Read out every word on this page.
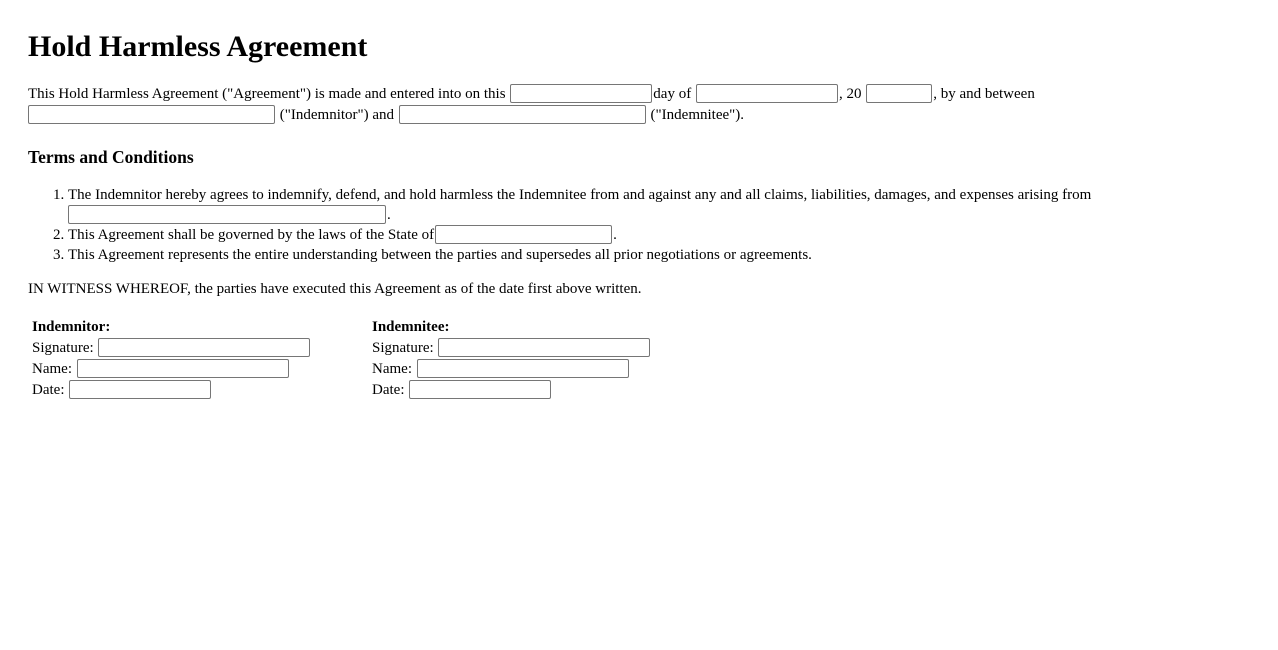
Hold Harmless Agreement

This Hold Harmless Agreement ("Agreement") is made and entered into on this	day of	, 20	, by and between
("Indemnitor") and	("Indemnitee").

Terms and Conditions
1. The Indemnitor hereby agrees to indemnify, defend, and hold harmless the Indemnitee from and against any and all claims, liabilities, damages, and expenses arising from .
2. This Agreement shall be governed by the laws of the State of	.
3. This Agreement represents the entire understanding between the parties and supersedes all prior negotiations or agreements.

IN WITNESS WHEREOF, the parties have executed this Agreement as of the date first above written.

Indemnitor:
Signature:
Name:
Date:

Indemnitee:
Signature:
Name:
Date:
